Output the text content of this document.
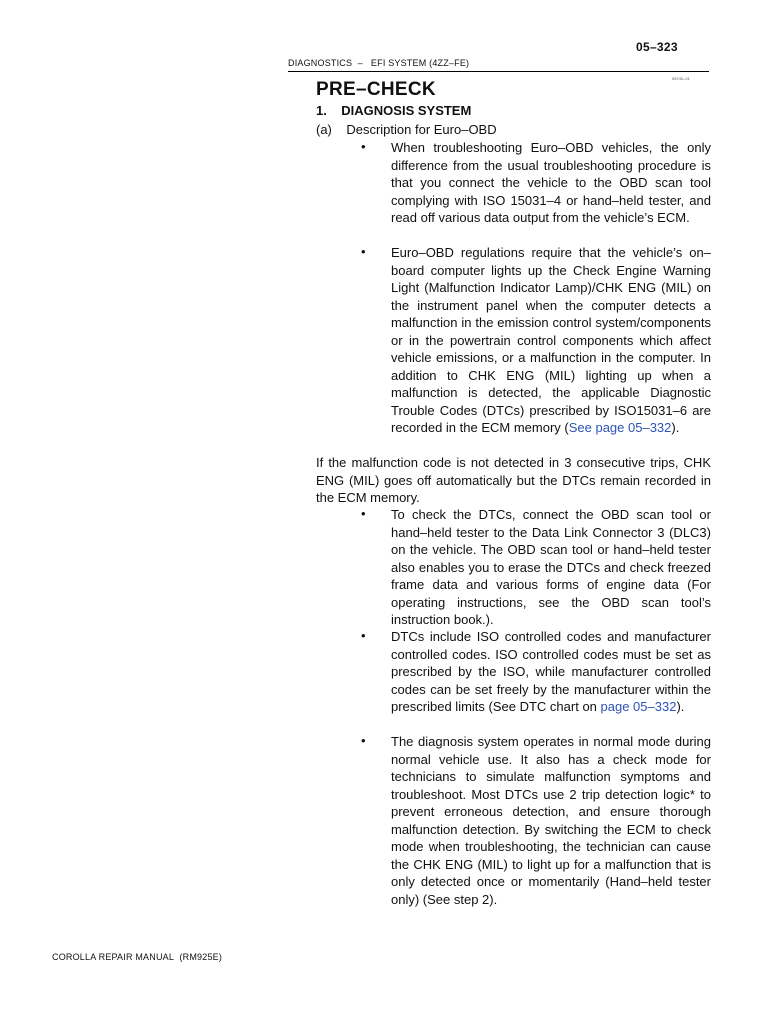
05–323
DIAGNOSTICS  –   EFI SYSTEM (4ZZ–FE)
05740–01
PRE–CHECK
1.    DIAGNOSIS SYSTEM
(a)    Description for Euro–OBD
• When troubleshooting Euro–OBD vehicles, the only difference from the usual troubleshooting procedure is that you connect the vehicle to the OBD scan tool complying with ISO 15031–4 or hand–held tester, and read off various data output from the vehicle’s ECM.
• Euro–OBD regulations require that the vehicle’s on–board computer lights up the Check Engine Warning Light (Malfunction Indicator Lamp)/CHK ENG (MIL) on the instrument panel when the computer detects a malfunction in the emission control system/components or in the powertrain control components which affect vehicle emissions, or a malfunction in the computer. In addition to CHK ENG (MIL) lighting up when a malfunction is detected, the applicable Diagnostic Trouble Codes (DTCs) prescribed by ISO15031–6 are recorded in the ECM memory (See page 05–332).
If the malfunction code is not detected in 3 consecutive trips, CHK ENG (MIL) goes off automatically but the DTCs remain recorded in the ECM memory.
• To check the DTCs, connect the OBD scan tool or hand–held tester to the Data Link Connector 3 (DLC3) on the vehicle. The OBD scan tool or hand–held tester also enables you to erase the DTCs and check freezed frame data and various forms of engine data (For operating instructions, see the OBD scan tool’s instruction book.).
• DTCs include ISO controlled codes and manufacturer controlled codes. ISO controlled codes must be set as prescribed by the ISO, while manufacturer controlled codes can be set freely by the manufacturer within the prescribed limits (See DTC chart on page 05–332).
• The diagnosis system operates in normal mode during normal vehicle use. It also has a check mode for technicians to simulate malfunction symptoms and troubleshoot. Most DTCs use 2 trip detection logic* to prevent erroneous detection, and ensure thorough malfunction detection. By switching the ECM to check mode when troubleshooting, the technician can cause the CHK ENG (MIL) to light up for a malfunction that is only detected once or momentarily (Hand–held tester only) (See step 2).
COROLLA REPAIR MANUAL  (RM925E)
